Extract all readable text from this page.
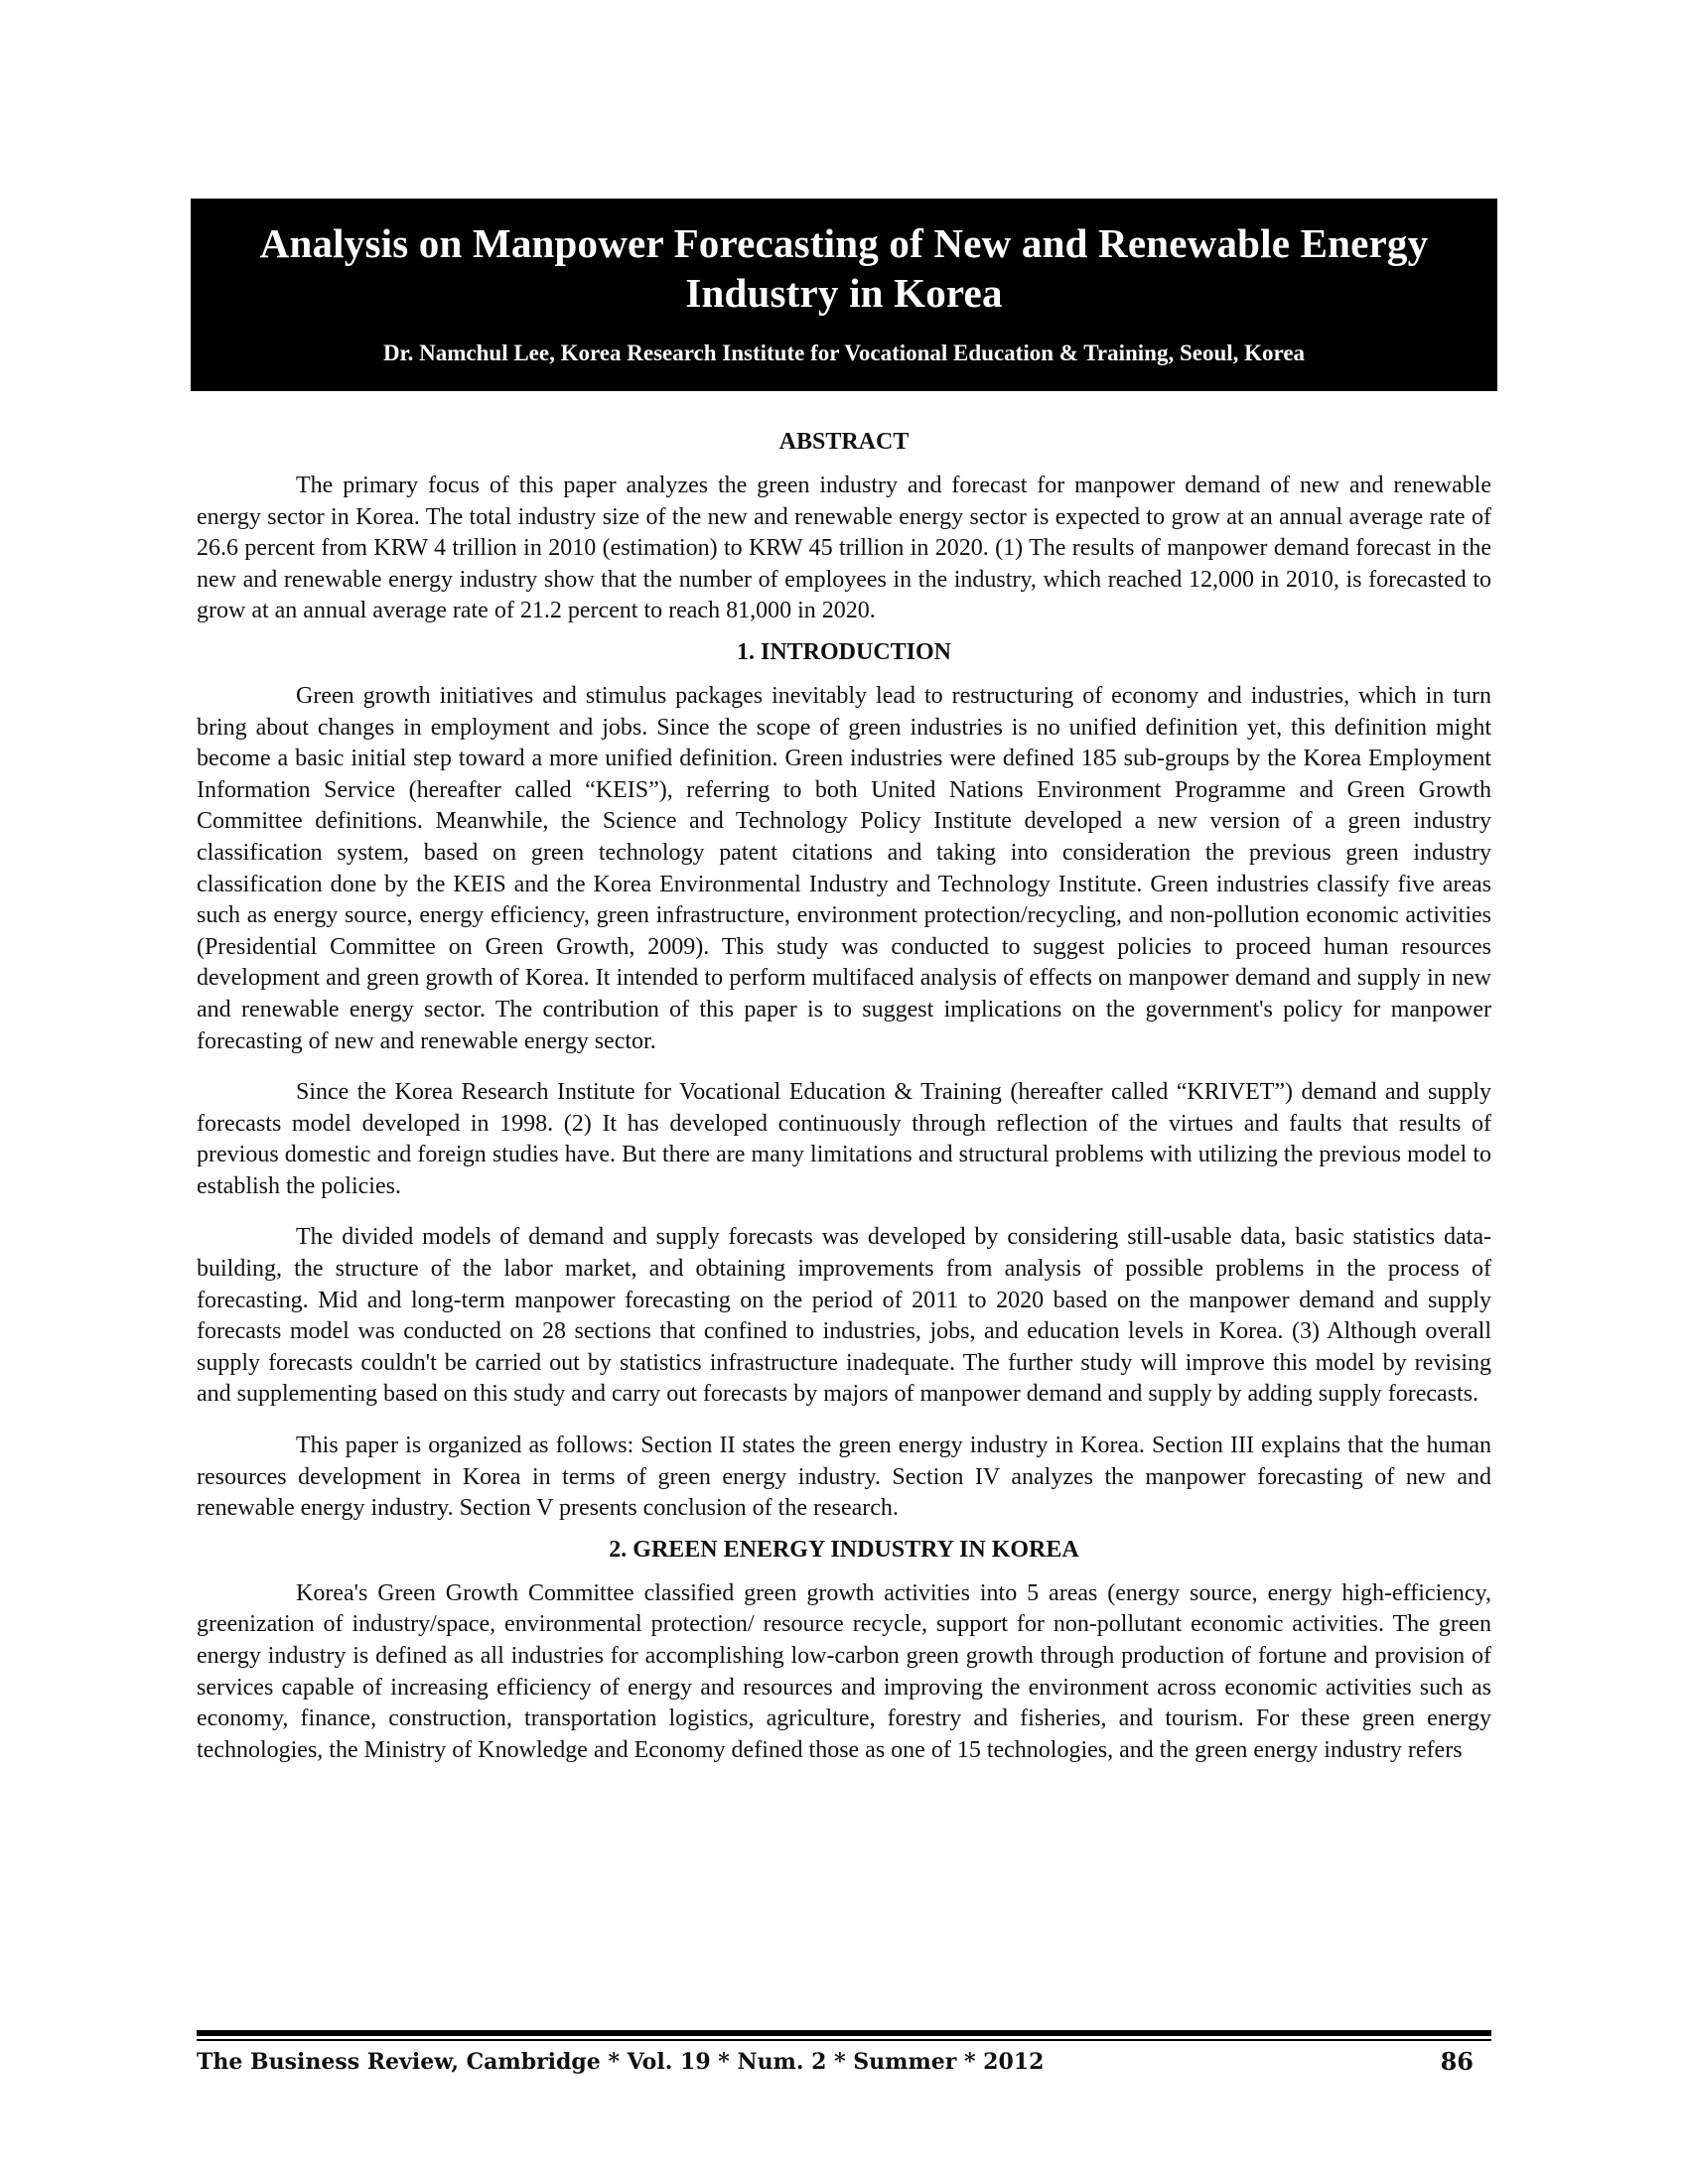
Analysis on Manpower Forecasting of New and Renewable Energy Industry in Korea
Dr. Namchul Lee, Korea Research Institute for Vocational Education & Training, Seoul, Korea
ABSTRACT

The primary focus of this paper analyzes the green industry and forecast for manpower demand of new and renewable energy sector in Korea. The total industry size of the new and renewable energy sector is expected to grow at an annual average rate of 26.6 percent from KRW 4 trillion in 2010 (estimation) to KRW 45 trillion in 2020. (1) The results of manpower demand forecast in the new and renewable energy industry show that the number of employees in the industry, which reached 12,000 in 2010, is forecasted to grow at an annual average rate of 21.2 percent to reach 81,000 in 2020.

1. INTRODUCTION

Green growth initiatives and stimulus packages inevitably lead to restructuring of economy and industries, which in turn bring about changes in employment and jobs. Since the scope of green industries is no unified definition yet, this definition might become a basic initial step toward a more unified definition. Green industries were defined 185 sub-groups by the Korea Employment Information Service (hereafter called “KEIS”), referring to both United Nations Environment Programme and Green Growth Committee definitions. Meanwhile, the Science and Technology Policy Institute developed a new version of a green industry classification system, based on green technology patent citations and taking into consideration the previous green industry classification done by the KEIS and the Korea Environmental Industry and Technology Institute. Green industries classify five areas such as energy source, energy efficiency, green infrastructure, environment protection/recycling, and non-pollution economic activities (Presidential Committee on Green Growth, 2009). This study was conducted to suggest policies to proceed human resources development and green growth of Korea. It intended to perform multifaced analysis of effects on manpower demand and supply in new and renewable energy sector. The contribution of this paper is to suggest implications on the government's policy for manpower forecasting of new and renewable energy sector.

Since the Korea Research Institute for Vocational Education & Training (hereafter called “KRIVET”) demand and supply forecasts model developed in 1998. (2) It has developed continuously through reflection of the virtues and faults that results of previous domestic and foreign studies have. But there are many limitations and structural problems with utilizing the previous model to establish the policies.

The divided models of demand and supply forecasts was developed by considering still-usable data, basic statistics data-building, the structure of the labor market, and obtaining improvements from analysis of possible problems in the process of forecasting. Mid and long-term manpower forecasting on the period of 2011 to 2020 based on the manpower demand and supply forecasts model was conducted on 28 sections that confined to industries, jobs, and education levels in Korea. (3) Although overall supply forecasts couldn't be carried out by statistics infrastructure inadequate. The further study will improve this model by revising and supplementing based on this study and carry out forecasts by majors of manpower demand and supply by adding supply forecasts.

This paper is organized as follows: Section II states the green energy industry in Korea. Section III explains that the human resources development in Korea in terms of green energy industry. Section IV analyzes the manpower forecasting of new and renewable energy industry. Section V presents conclusion of the research.

2. GREEN ENERGY INDUSTRY IN KOREA

Korea's Green Growth Committee classified green growth activities into 5 areas (energy source, energy high-efficiency, greenization of industry/space, environmental protection/ resource recycle, support for non-pollutant economic activities. The green energy industry is defined as all industries for accomplishing low-carbon green growth through production of fortune and provision of services capable of increasing efficiency of energy and resources and improving the environment across economic activities such as economy, finance, construction, transportation logistics, agriculture, forestry and fisheries, and tourism. For these green energy technologies, the Ministry of Knowledge and Economy defined those as one of 15 technologies, and the green energy industry refers

The Business Review, Cambridge * Vol. 19 * Num. 2 * Summer * 2012	86
